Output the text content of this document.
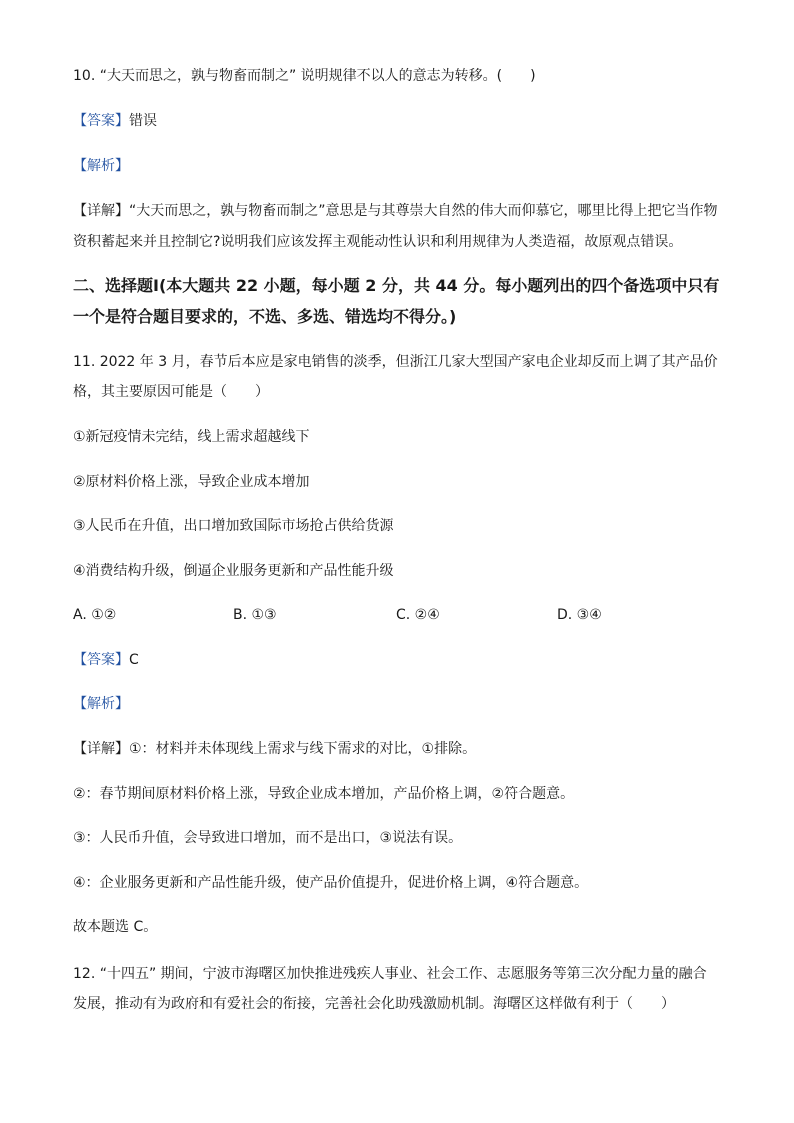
10. “大天而思之，孰与物畜而制之” 说明规律不以人的意志为转移。(　　)
【答案】错误
【解析】
【详解】“大天而思之，孰与物畜而制之”意思是与其尊崇大自然的伟大而仰慕它，哪里比得上把它当作物
资积蓄起来并且控制它?说明我们应该发挥主观能动性认识和利用规律为人类造福，故原观点错误。
二、选择题Ⅰ(本大题共 22 小题，每小题 2 分，共 44 分。每小题列出的四个备选项中只有
一个是符合题目要求的，不选、多选、错选均不得分。)
11. 2022 年 3 月，春节后本应是家电销售的淡季，但浙江几家大型国产家电企业却反而上调了其产品价
格，其主要原因可能是（　　）
①新冠疫情未完结，线上需求超越线下
②原材料价格上涨，导致企业成本增加
③人民币在升值，出口增加致国际市场抢占供给货源
④消费结构升级，倒逼企业服务更新和产品性能升级
A. ①②	B. ①③	C. ②④	D. ③④
【答案】C
【解析】
【详解】①：材料并未体现线上需求与线下需求的对比，①排除。
②：春节期间原材料价格上涨，导致企业成本增加，产品价格上调，②符合题意。
③：人民币升值，会导致进口增加，而不是出口，③说法有误。
④：企业服务更新和产品性能升级，使产品价值提升，促进价格上调，④符合题意。
故本题选 C。
12. “十四五” 期间，宁波市海曙区加快推进残疾人事业、社会工作、志愿服务等第三次分配力量的融合
发展，推动有为政府和有爱社会的衔接，完善社会化助残激励机制。海曙区这样做有利于（　　）
